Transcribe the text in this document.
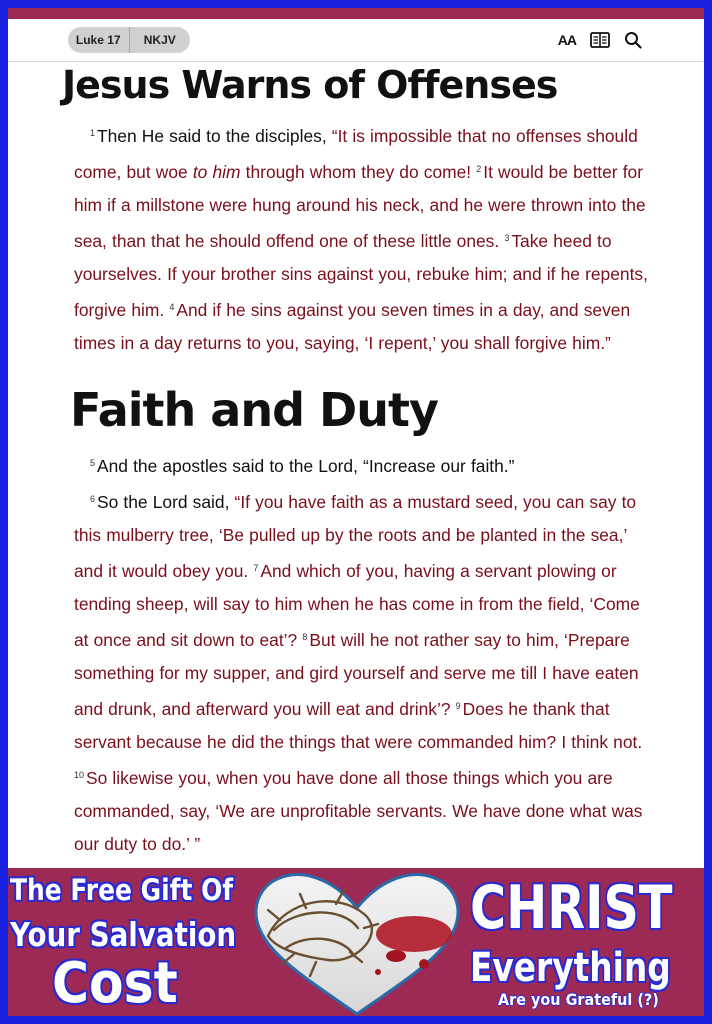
Luke 17	NKJV	AA
Jesus Warns of Offenses

$^1$ Then He said to the disciples, “It is impossible that no offenses should come, but woe to him through whom they do come! $^2$ It would be better for him if a millstone were hung around his neck, and he were thrown into the sea, than that he should offend one of these little ones. $^3$ Take heed to yourselves. If your brother sins against you, rebuke him; and if he repents, forgive him. $^4$ And if he sins against you seven times in a day, and seven times in a day returns to you, saying, ‘I repent,’ you shall forgive him.”

Faith and Duty

$^5$ And the apostles said to the Lord, “Increase our faith.”

$^6$ So the Lord said, “If you have faith as a mustard seed, you can say to this mulberry tree, ‘Be pulled up by the roots and be planted in the sea,’ and it would obey you. $^7$ And which of you, having a servant plowing or tending sheep, will say to him when he has come in from the field, ‘Come at once and sit down to eat’? $^8$ But will he not rather say to him, ‘Prepare something for my supper, and gird yourself and serve me till I have eaten and drunk, and afterward you will eat and drink’? $^9$ Does he thank that servant because he did the things that were commanded him? I think not. $^{10}$ So likewise you, when you have done all those things which you are commanded, say, ‘We are unprofitable servants. We have done what was our duty to do.’ ”

The Free Gift Of
Your Salvation
Cost
CHRIST
Everything
Are you Grateful (?)
